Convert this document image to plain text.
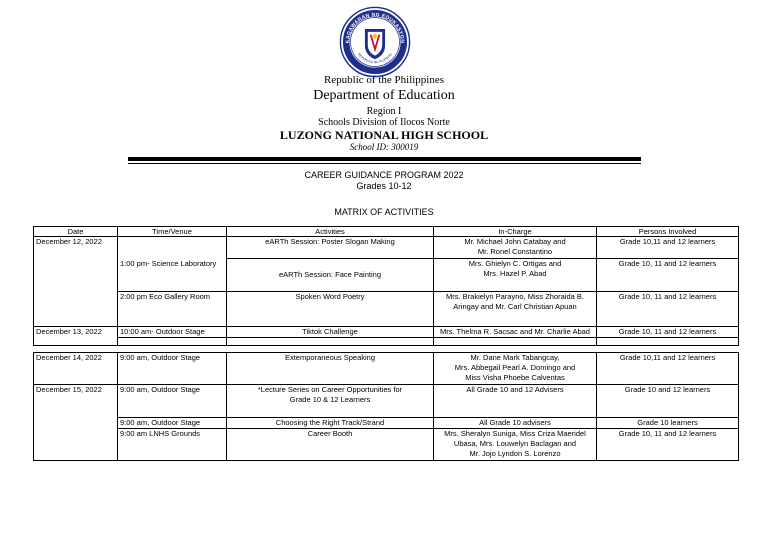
KAGAWARAN NG EDUKASYON
REPUBLIKA NG PILIPINAS
Republic of the Philippines
Department of Education
Region I
Schools Division of Ilocos Norte
LUZONG NATIONAL HIGH SCHOOL
School ID: 300019
CAREER GUIDANCE PROGRAM 2022
Grades 10-12
MATRIX OF ACTIVITIES
Date	Time/Venue	Activities	In-Charge	Persons Involved
December 12, 2022	1:00 pm- Science Laboratory	eARTh Session: Poster Slogan Making	Mr. Michael John Catabay and
Mr. Ronel Constantino	Grade 10,11 and 12 learners
		eARTh Session: Face Painting	Mrs. Ghielyn C. Ortigas and
Mrs. Hazel P. Abad	Grade 10, 11 and 12 learners
	2:00 pm Eco Gallery Room	Spoken Word Poetry	Mrs. Brakielyn Parayno, Miss Zhoraida B.
Aringay and Mr. Carl Christian Apuan	Grade 10, 11 and 12 learners
December 13, 2022	10:00 am- Outdoor Stage	Tiktok Challenge	Mrs. Thelma R. Sacsac and Mr. Charlie Abad	Grade 10, 11 and 12 learners

December 14, 2022	9:00 am, Outdoor Stage	Extemporaneous Speaking	Mr. Dane Mark Tabangcay,
Mrs. Abbegail Pearl A. Domingo and
Miss Visha Phoebe Calventas	Grade 10,11 and 12 learners
December 15, 2022	9:00 am, Outdoor Stage	*Lecture Series on Career Opportunities for
Grade 10 & 12 Learners	All Grade 10 and 12 Advisers	Grade 10 and 12 learners
	9:00 am, Outdoor Stage	Choosing the Right Track/Strand	All Grade 10 advisers	Grade 10 learners
	9:00 am LNHS Grounds	Career Booth	Mrs. Sheralyn Suniga, Miss Criza Maeridel
Ubasa, Mrs. Louwelyn Baclagan and
Mr. Jojo Lyndon S. Lorenzo	Grade 10, 11 and 12 learners
